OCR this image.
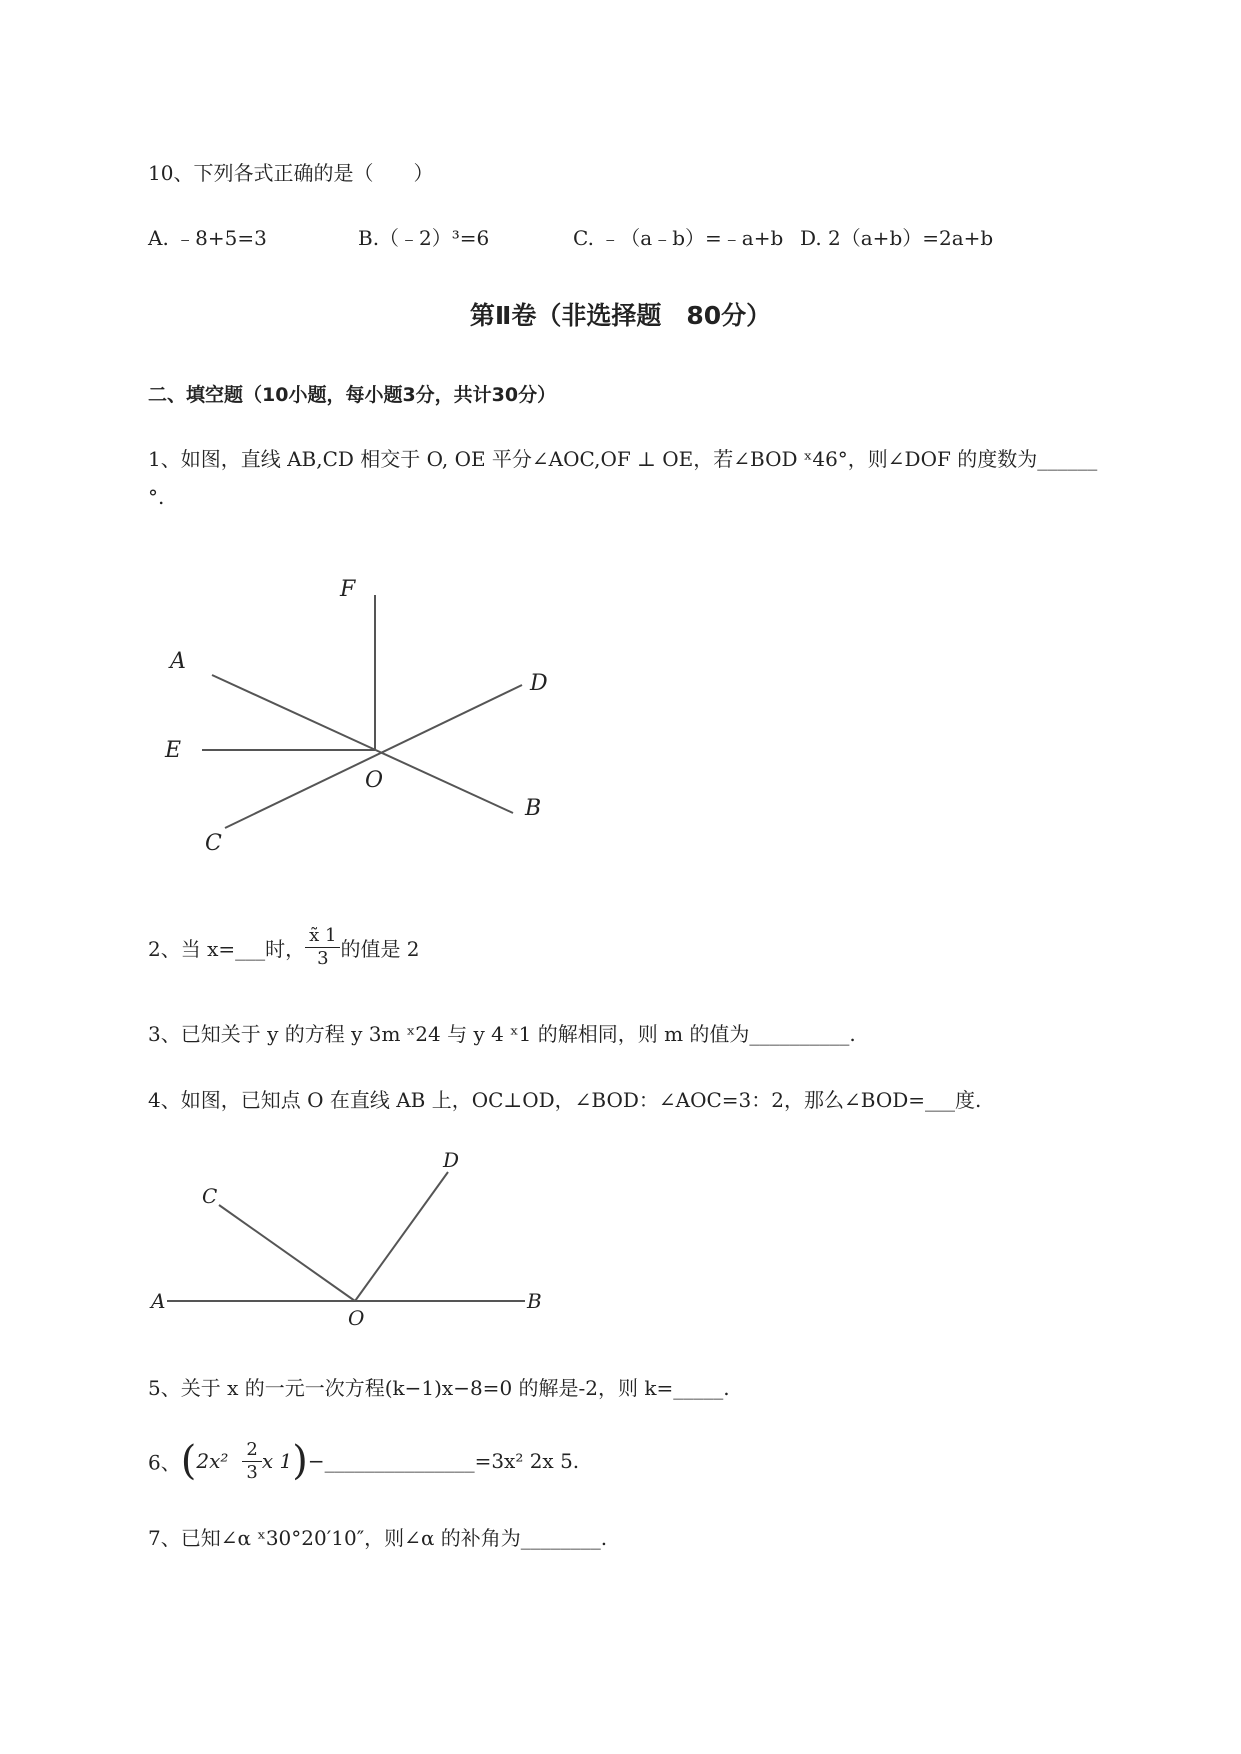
10、下列各式正确的是（　　）
A. ﹣8+5=3	B.（﹣2）³=6	C. ﹣（a﹣b）=﹣a+b D. 2（a+b）=2a+b
第Ⅱ卷（非选择题　80分）
二、填空题（10小题，每小题3分，共计30分）
1、如图，直线 AB,CD 相交于 O, OE 平分∠AOC,OF ⊥ OE，若∠BOD ˣ46°，则∠DOF 的度数为______
°.
F
A
D
E
O
C
B
2、当 x=___时， $\frac{x̃ 1}{3}$ 的值是 2
3、已知关于 y 的方程 y 3m ˣ24 与 y 4 ˣ1 的解相同，则 m 的值为__________.
4、如图，已知点 O 在直线 AB 上，OC⊥OD，∠BOD：∠AOC=3：2，那么∠BOD=___度.
C
D
A
O
B
5、关于 x 的一元一次方程(k−1)x−8=0 的解是-2，则 k=_____.
6、($2x^2 \frac{2}{3}$ x 1)−_______________=3x² 2x 5.
7、已知∠α ˣ30°20′10″，则∠α 的补角为________.
